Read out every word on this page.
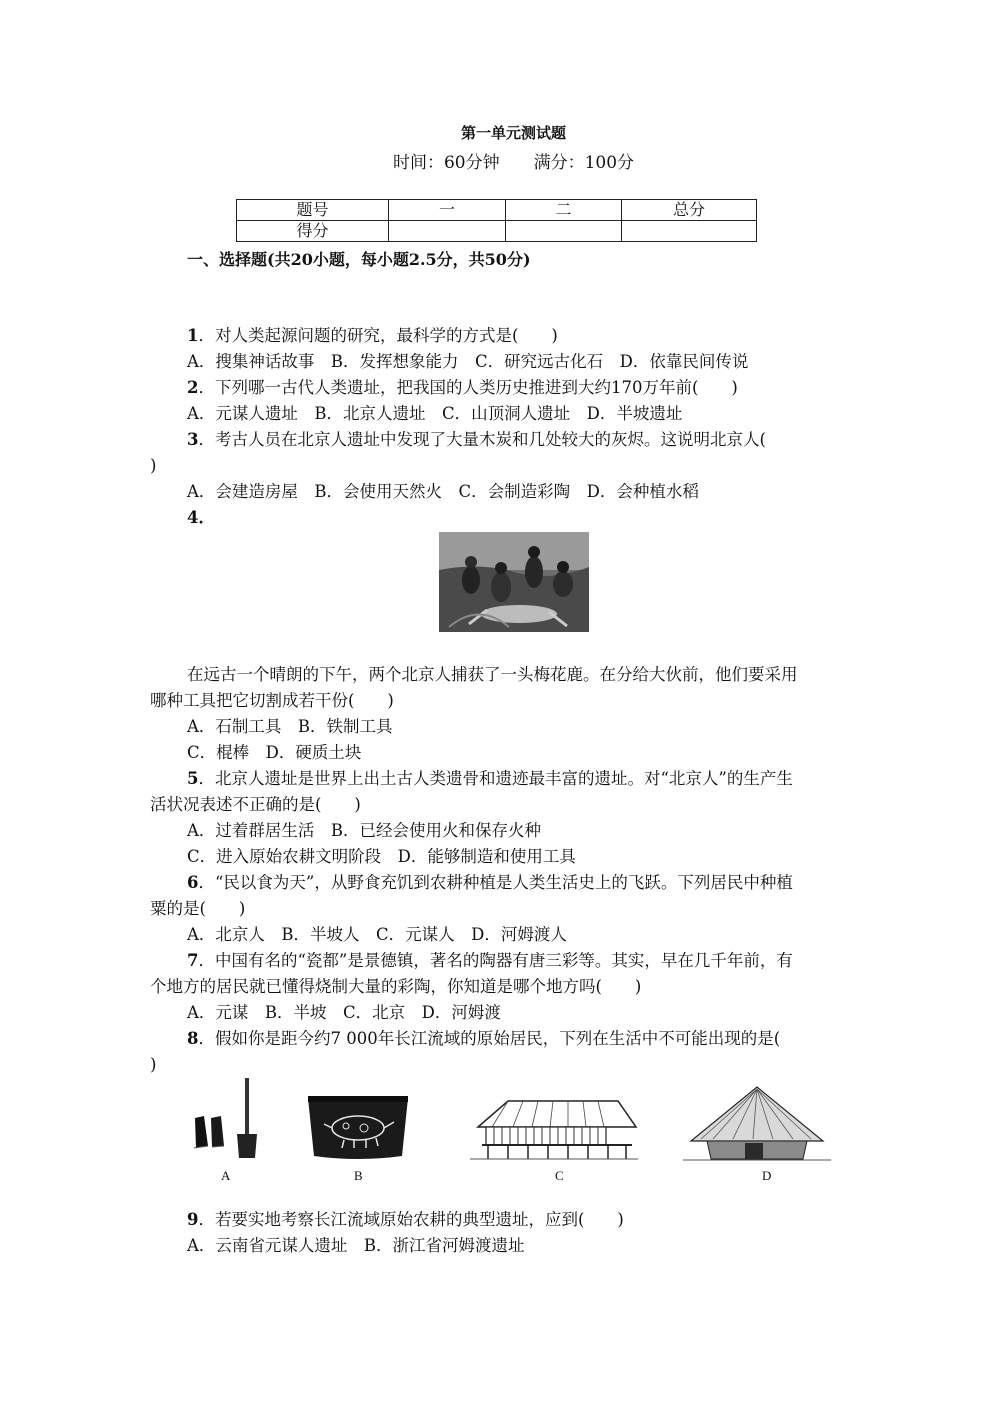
第一单元测试题
时间：60分钟　　满分：100分
题号	一	二	总分
得分			
一、选择题(共20小题，每小题2.5分，共50分)
1．对人类起源问题的研究，最科学的方式是(　　)
A．搜集神话故事　B．发挥想象能力　C．研究远古化石　D．依靠民间传说
2．下列哪一古代人类遗址，把我国的人类历史推进到大约170万年前(　　)
A．元谋人遗址　B．北京人遗址　C．山顶洞人遗址　D．半坡遗址
3．考古人员在北京人遗址中发现了大量木炭和几处较大的灰烬。这说明北京人(
)
A．会建造房屋　B．会使用天然火　C．会制造彩陶　D．会种植水稻
4．
在远古一个晴朗的下午，两个北京人捕获了一头梅花鹿。在分给大伙前，他们要采用
哪种工具把它切割成若干份(　　)
A．石制工具　B．铁制工具
C．棍棒　D．硬质土块
5．北京人遗址是世界上出土古人类遗骨和遗迹最丰富的遗址。对“北京人”的生产生
活状况表述不正确的是(　　)
A．过着群居生活　B．已经会使用火和保存火种
C．进入原始农耕文明阶段　D．能够制造和使用工具
6．“民以食为天”，从野食充饥到农耕种植是人类生活史上的飞跃。下列居民中种植
粟的是(　　)
A．北京人　B．半坡人　C．元谋人　D．河姆渡人
7．中国有名的“瓷都”是景德镇，著名的陶器有唐三彩等。其实，早在几千年前，有
个地方的居民就已懂得烧制大量的彩陶，你知道是哪个地方吗(　　)
A．元谋　B．半坡　C．北京　D．河姆渡
8．假如你是距今约7 000年长江流域的原始居民，下列在生活中不可能出现的是(
)
A	B	C	D
9．若要实地考察长江流域原始农耕的典型遗址，应到(　　)
A．云南省元谋人遗址　B．浙江省河姆渡遗址
